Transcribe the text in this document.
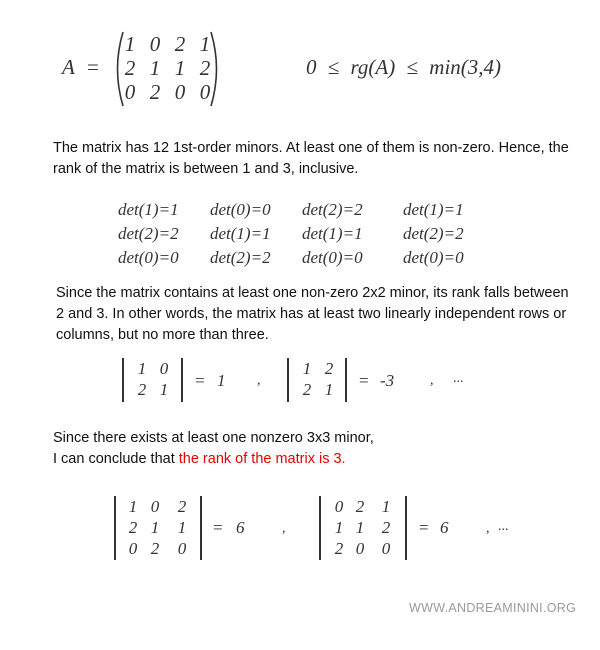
A =
1 0 2 1
2 1 1 2
0 2 0 0
0 ≤ rg(A) ≤ min(3,4)

The matrix has 12 1st-order minors. At least one of them is non-zero. Hence, the rank of the matrix is between 1 and 3, inclusive.

det(1)=1 det(0)=0 det(2)=2 det(1)=1
det(2)=2 det(1)=1 det(1)=1 det(2)=2
det(0)=0 det(2)=2 det(0)=0 det(0)=0

Since the matrix contains at least one non-zero 2x2 minor, its rank falls between 2 and 3. In other words, the matrix has at least two linearly independent rows or columns, but no more than three.

1 0
2 1 = 1 ,
1 2
2 1 = -3	, ...
Since there exists at least one nonzero 3x3 minor,
I can conclude that the rank of the matrix is 3.
1 0 2
2 1 1
0 2 0
= 6	,
0 2 1
1 1 2
2 0 0
= 6	, ...
WWW.ANDREAMININI.ORG
